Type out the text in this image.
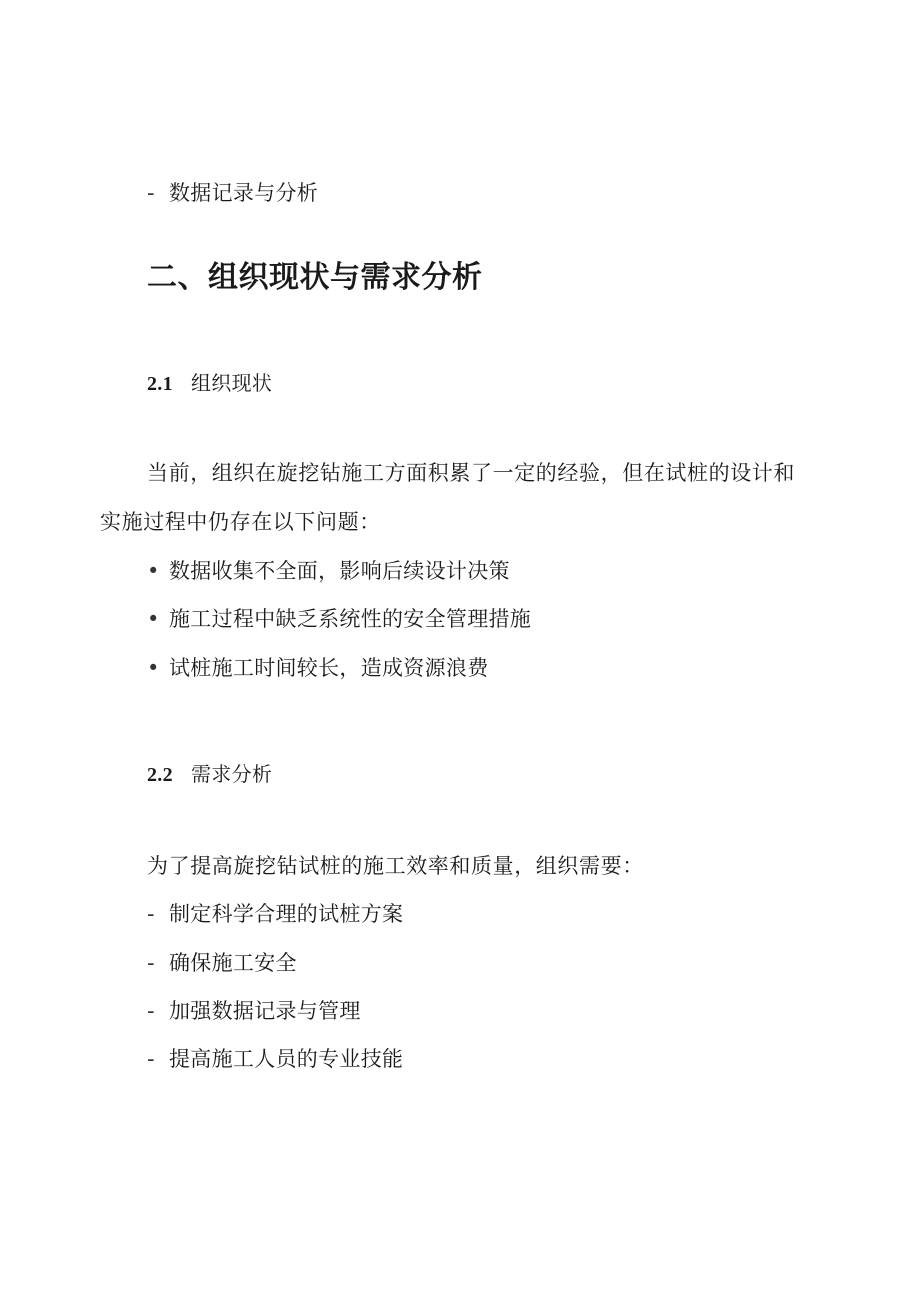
- 数据记录与分析
二、组织现状与需求分析
2.1 组织现状
当前，组织在旋挖钻施工方面积累了一定的经验，但在试桩的设计和
实施过程中仍存在以下问题：
• 数据收集不全面，影响后续设计决策
• 施工过程中缺乏系统性的安全管理措施
• 试桩施工时间较长，造成资源浪费
2.2 需求分析
为了提高旋挖钻试桩的施工效率和质量，组织需要：
- 制定科学合理的试桩方案
- 确保施工安全
- 加强数据记录与管理
- 提高施工人员的专业技能
